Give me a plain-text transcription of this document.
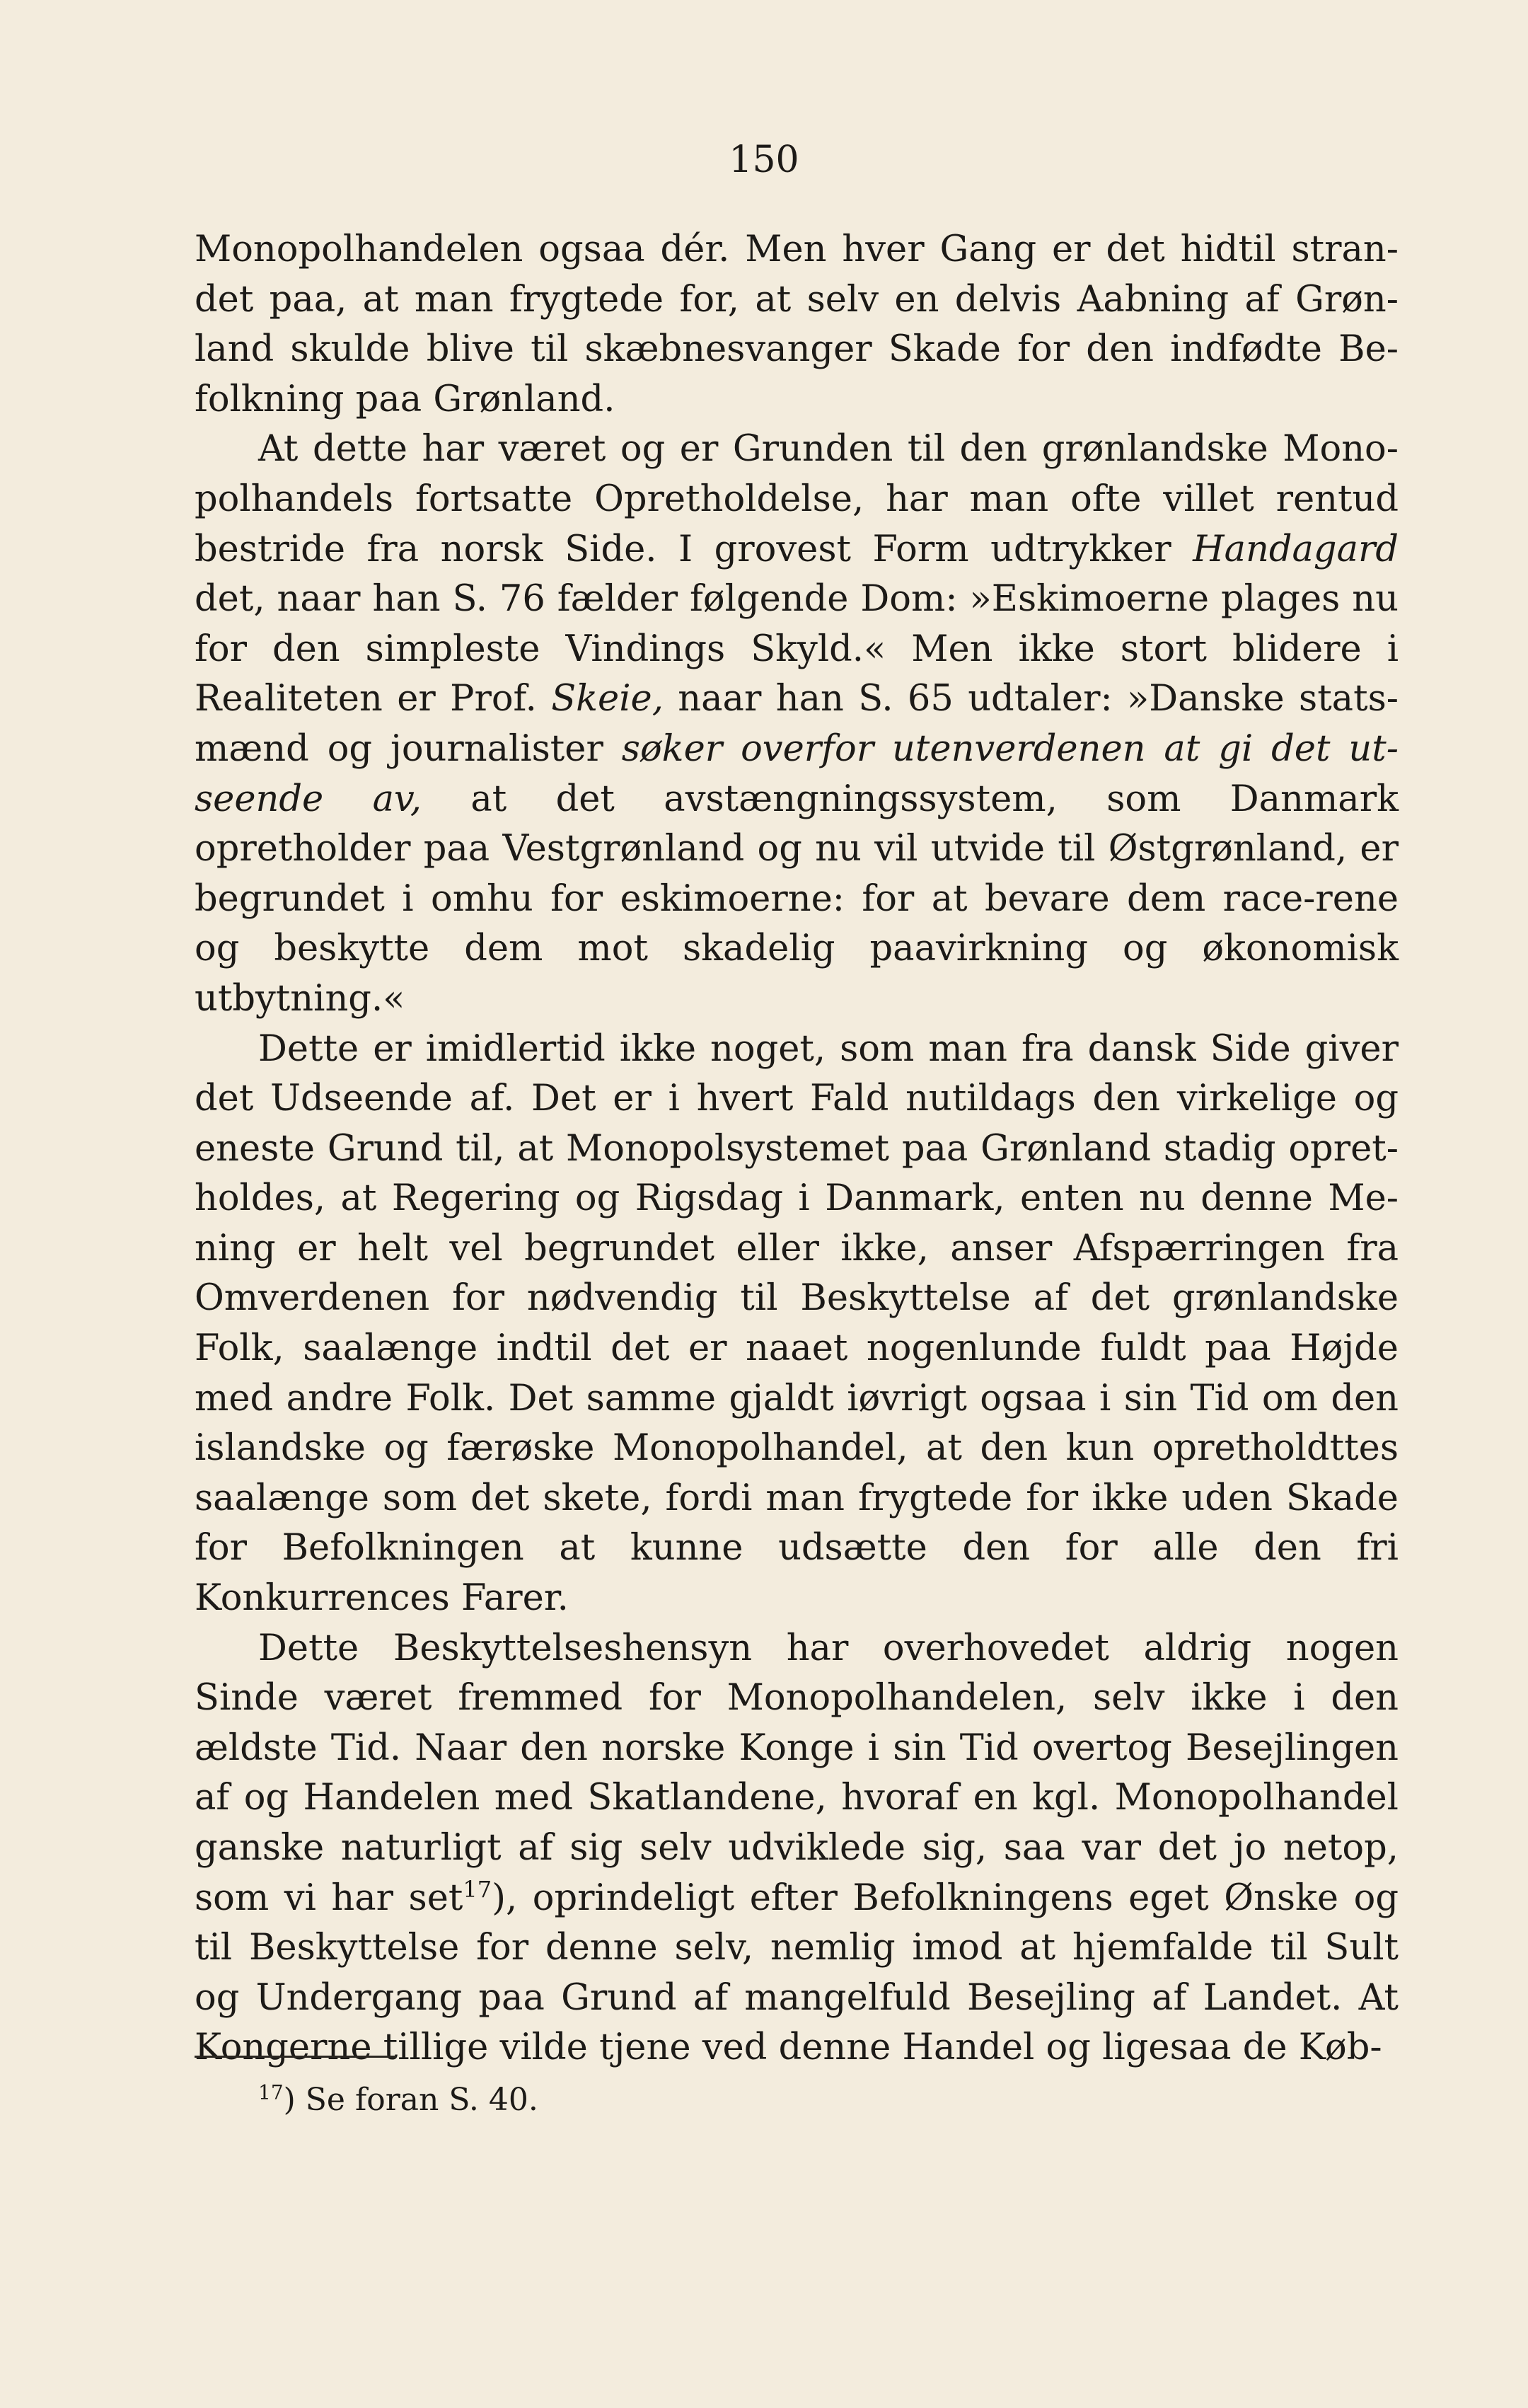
150

Monopolhandelen ogsaa dér. Men hver Gang er det hidtil strandet paa, at man frygtede for, at selv en delvis Aabning af Grønland skulde blive til skæbnesvanger Skade for den indfødte Befolkning paa Grønland.

At dette har været og er Grunden til den grønlandske Monopolhandels fortsatte Opretholdelse, har man ofte villet rentud bestride fra norsk Side. I grovest Form udtrykker Handagard det, naar han S. 76 fælder følgende Dom: »Eskimoerne plages nu for den simpleste Vindings Skyld.« Men ikke stort blidere i Realiteten er Prof. Skeie, naar han S. 65 udtaler: »Danske statsmænd og journalister søker overfor utenverdenen at gi det utseende av, at det avstængningssystem, som Danmark opretholder paa Vestgrønland og nu vil utvide til Østgrønland, er begrundet i omhu for eskimoerne: for at bevare dem race-rene og beskytte dem mot skadelig paavirkning og økonomisk utbytning.«

Dette er imidlertid ikke noget, som man fra dansk Side giver det Udseende af. Det er i hvert Fald nutildags den virkelige og eneste Grund til, at Monopolsystemet paa Grønland stadig opretholdes, at Regering og Rigsdag i Danmark, enten nu denne Mening er helt vel begrundet eller ikke, anser Afspærringen fra Omverdenen for nødvendig til Beskyttelse af det grønlandske Folk, saalænge indtil det er naaet nogenlunde fuldt paa Højde med andre Folk. Det samme gjaldt iøvrigt ogsaa i sin Tid om den islandske og færøske Monopolhandel, at den kun opretholdttes saalænge som det skete, fordi man frygtede for ikke uden Skade for Befolkningen at kunne udsætte den for alle den fri Konkurrences Farer.

Dette Beskyttelseshensyn har overhovedet aldrig nogen Sinde været fremmed for Monopolhandelen, selv ikke i den ældste Tid. Naar den norske Konge i sin Tid overtog Besejlingen af og Handelen med Skatlandene, hvoraf en kgl. Monopolhandel ganske naturligt af sig selv udviklede sig, saa var det jo netop, som vi har set$^{17}$), oprindeligt efter Befolkningens eget Ønske og til Beskyttelse for denne selv, nemlig imod at hjemfalde til Sult og Undergang paa Grund af mangelfuld Besejling af Landet. At Kongerne tillige vilde tjene ved denne Handel og ligesaa de Køb-

$^{17}$) Se foran S. 40.
